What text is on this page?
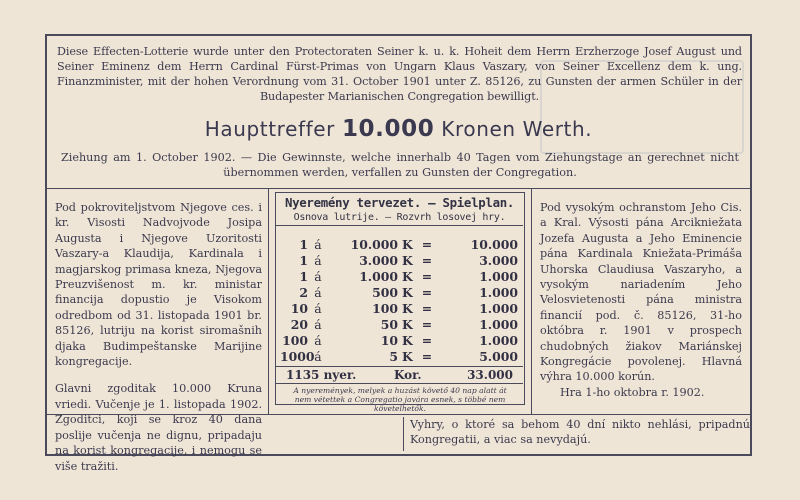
Diese Effecten-Lotterie wurde unter den Protectoraten Seiner k. u. k. Hoheit dem Herrn Erzherzoge Josef August und Seiner Eminenz dem Herrn Cardinal Fürst-Primas von Ungarn Klaus Vaszary, von Seiner Excellenz dem k. ung. Finanzminister, mit der hohen Verordnung vom 31. October 1901 unter Z. 85126, zu Gunsten der armen Schüler in der Budapester Marianischen Congregation bewilligt.
Haupttreffer 10.000 Kronen Werth.
Ziehung am 1. October 1902. — Die Gewinnste, welche innerhalb 40 Tagen vom Ziehungstage an gerechnet nicht übernommen werden, verfallen zu Gunsten der Congregation.
Pod pokroviteljstvom Njegove ces. i kr. Visosti Nadvojvode Josipa Augusta i Njegove Uzoritosti Vaszary-a Klaudija, Kardinala i magjarskog primasa kneza, Njegova Preuzvišenost m. kr. ministar financija dopustio je Visokom odredbom od 31. listopada 1901 br. 85126, lutriju na korist siromašnih djaka Budimpeštanske Marijine kongregacije.
Glavni zgoditak 10.000 Kruna vriedi. Vučenje je 1. listopada 1902. Zgoditci, koji se kroz 40 dana poslije vučenja ne dignu, pripadaju na korist kongregacije, i nemogu se više tražiti.
Nyeremény tervezet. — Spielplan.
Osnova lutrije. — Rozvrh losovej hry.
1 á	10.000 K =	10.000
1 á	3.000 K =	3.000
1 á	1.000 K =	1.000
2 á	500 K =	1.000
10 á	100 K =	1.000
20 á	50 K =	1.000
100 á	10 K =	1.000
1000 á	5 K =	5.000
1135 nyer.	Kor.	33.000
A nyeremények, melyek a huzást követő 40 nap alatt át nem vétettek a Congregatio javára esnek, s többé nem követelhetők.
Pod vysokým ochranstom Jeho Cis. a Kral. Výsosti pána Arcikniežata Jozefa Augusta a Jeho Eminencie pána Kardinala Kniežata-Primáša Uhorska Claudiusa Vaszaryho, a vysokým nariadením Jeho Velosvietenosti pána ministra financií pod. č. 85126, 31-ho októbra r. 1901 v prospech chudobných žiakov Mariánskej Kongregácie povolenej. Hlavná výhra 10.000 korún.
Hra 1-ho oktobra r. 1902.
Vyhry, o ktoré sa behom 40 dní nikto nehlási, pripadnú Kongregatii, a viac sa nevydajú.
